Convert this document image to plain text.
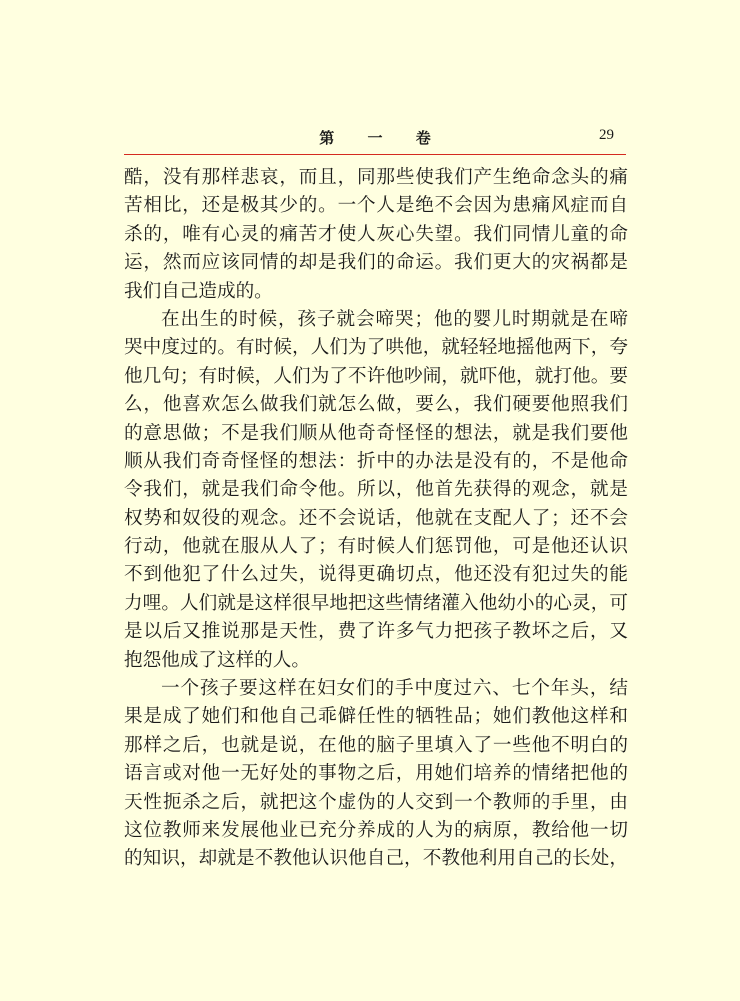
第 一 卷	29
酷，没有那样悲哀，而且，同那些使我们产生绝命念头的痛
苦相比，还是极其少的。一个人是绝不会因为患痛风症而自
杀的，唯有心灵的痛苦才使人灰心失望。我们同情儿童的命
运，然而应该同情的却是我们的命运。我们更大的灾祸都是
我们自己造成的。
在出生的时候，孩子就会啼哭；他的婴儿时期就是在啼
哭中度过的。有时候，人们为了哄他，就轻轻地摇他两下，夸
他几句；有时候，人们为了不许他吵闹，就吓他，就打他。要
么，他喜欢怎么做我们就怎么做，要么，我们硬要他照我们
的意思做；不是我们顺从他奇奇怪怪的想法，就是我们要他
顺从我们奇奇怪怪的想法：折中的办法是没有的，不是他命
令我们，就是我们命令他。所以，他首先获得的观念，就是
权势和奴役的观念。还不会说话，他就在支配人了；还不会
行动，他就在服从人了；有时候人们惩罚他，可是他还认识
不到他犯了什么过失，说得更确切点，他还没有犯过失的能
力哩。人们就是这样很早地把这些情绪灌入他幼小的心灵，可
是以后又推说那是天性，费了许多气力把孩子教坏之后，又
抱怨他成了这样的人。
一个孩子要这样在妇女们的手中度过六、七个年头，结
果是成了她们和他自己乖僻任性的牺牲品；她们教他这样和
那样之后，也就是说，在他的脑子里填入了一些他不明白的
语言或对他一无好处的事物之后，用她们培养的情绪把他的
天性扼杀之后，就把这个虚伪的人交到一个教师的手里，由
这位教师来发展他业已充分养成的人为的病原，教给他一切
的知识，却就是不教他认识他自己，不教他利用自己的长处，
